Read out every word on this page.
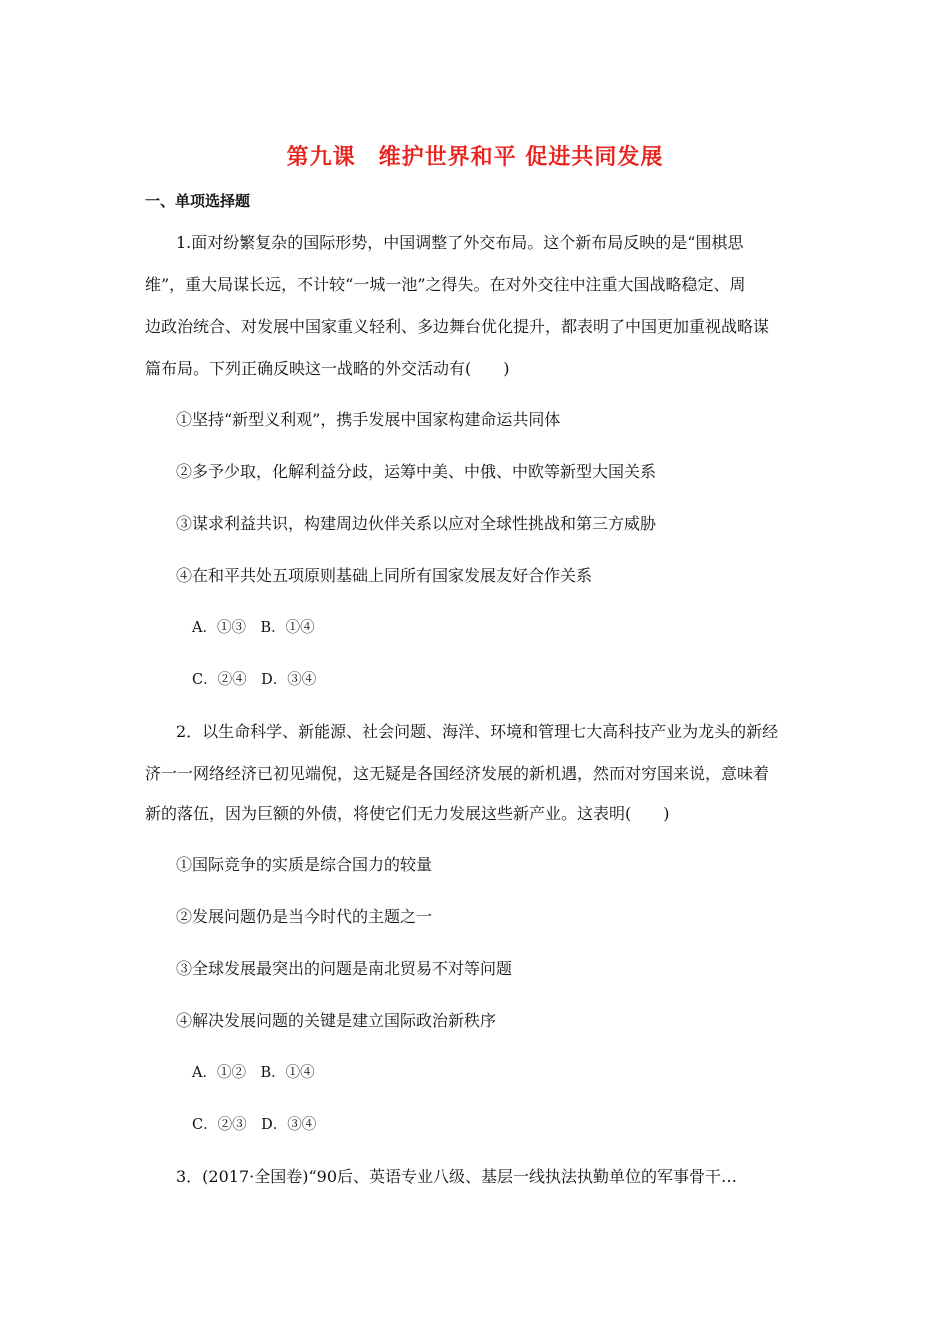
第九课　维护世界和平 促进共同发展
一、单项选择题
1.面对纷繁复杂的国际形势，中国调整了外交布局。这个新布局反映的是“围棋思
维”，重大局谋长远，不计较“一城一池”之得失。在对外交往中注重大国战略稳定、周
边政治统合、对发展中国家重义轻利、多边舞台优化提升，都表明了中国更加重视战略谋
篇布局。下列正确反映这一战略的外交活动有(　　)
①坚持“新型义利观”，携手发展中国家构建命运共同体
②多予少取，化解利益分歧，运筹中美、中俄、中欧等新型大国关系
③谋求利益共识，构建周边伙伴关系以应对全球性挑战和第三方威胁
④在和平共处五项原则基础上同所有国家发展友好合作关系
A．①③　B．①④
C．②④　D．③④
2．以生命科学、新能源、社会问题、海洋、环境和管理七大高科技产业为龙头的新经
济一一网络经济已初见端倪，这无疑是各国经济发展的新机遇，然而对穷国来说，意味着
新的落伍，因为巨额的外债，将使它们无力发展这些新产业。这表明(　　)
①国际竞争的实质是综合国力的较量
②发展问题仍是当今时代的主题之一
③全球发展最突出的问题是南北贸易不对等问题
④解决发展问题的关键是建立国际政治新秩序
A．①②　B．①④
C．②③　D．③④
3．(2017·全国卷)“90后、英语专业八级、基层一线执法执勤单位的军事骨干…
